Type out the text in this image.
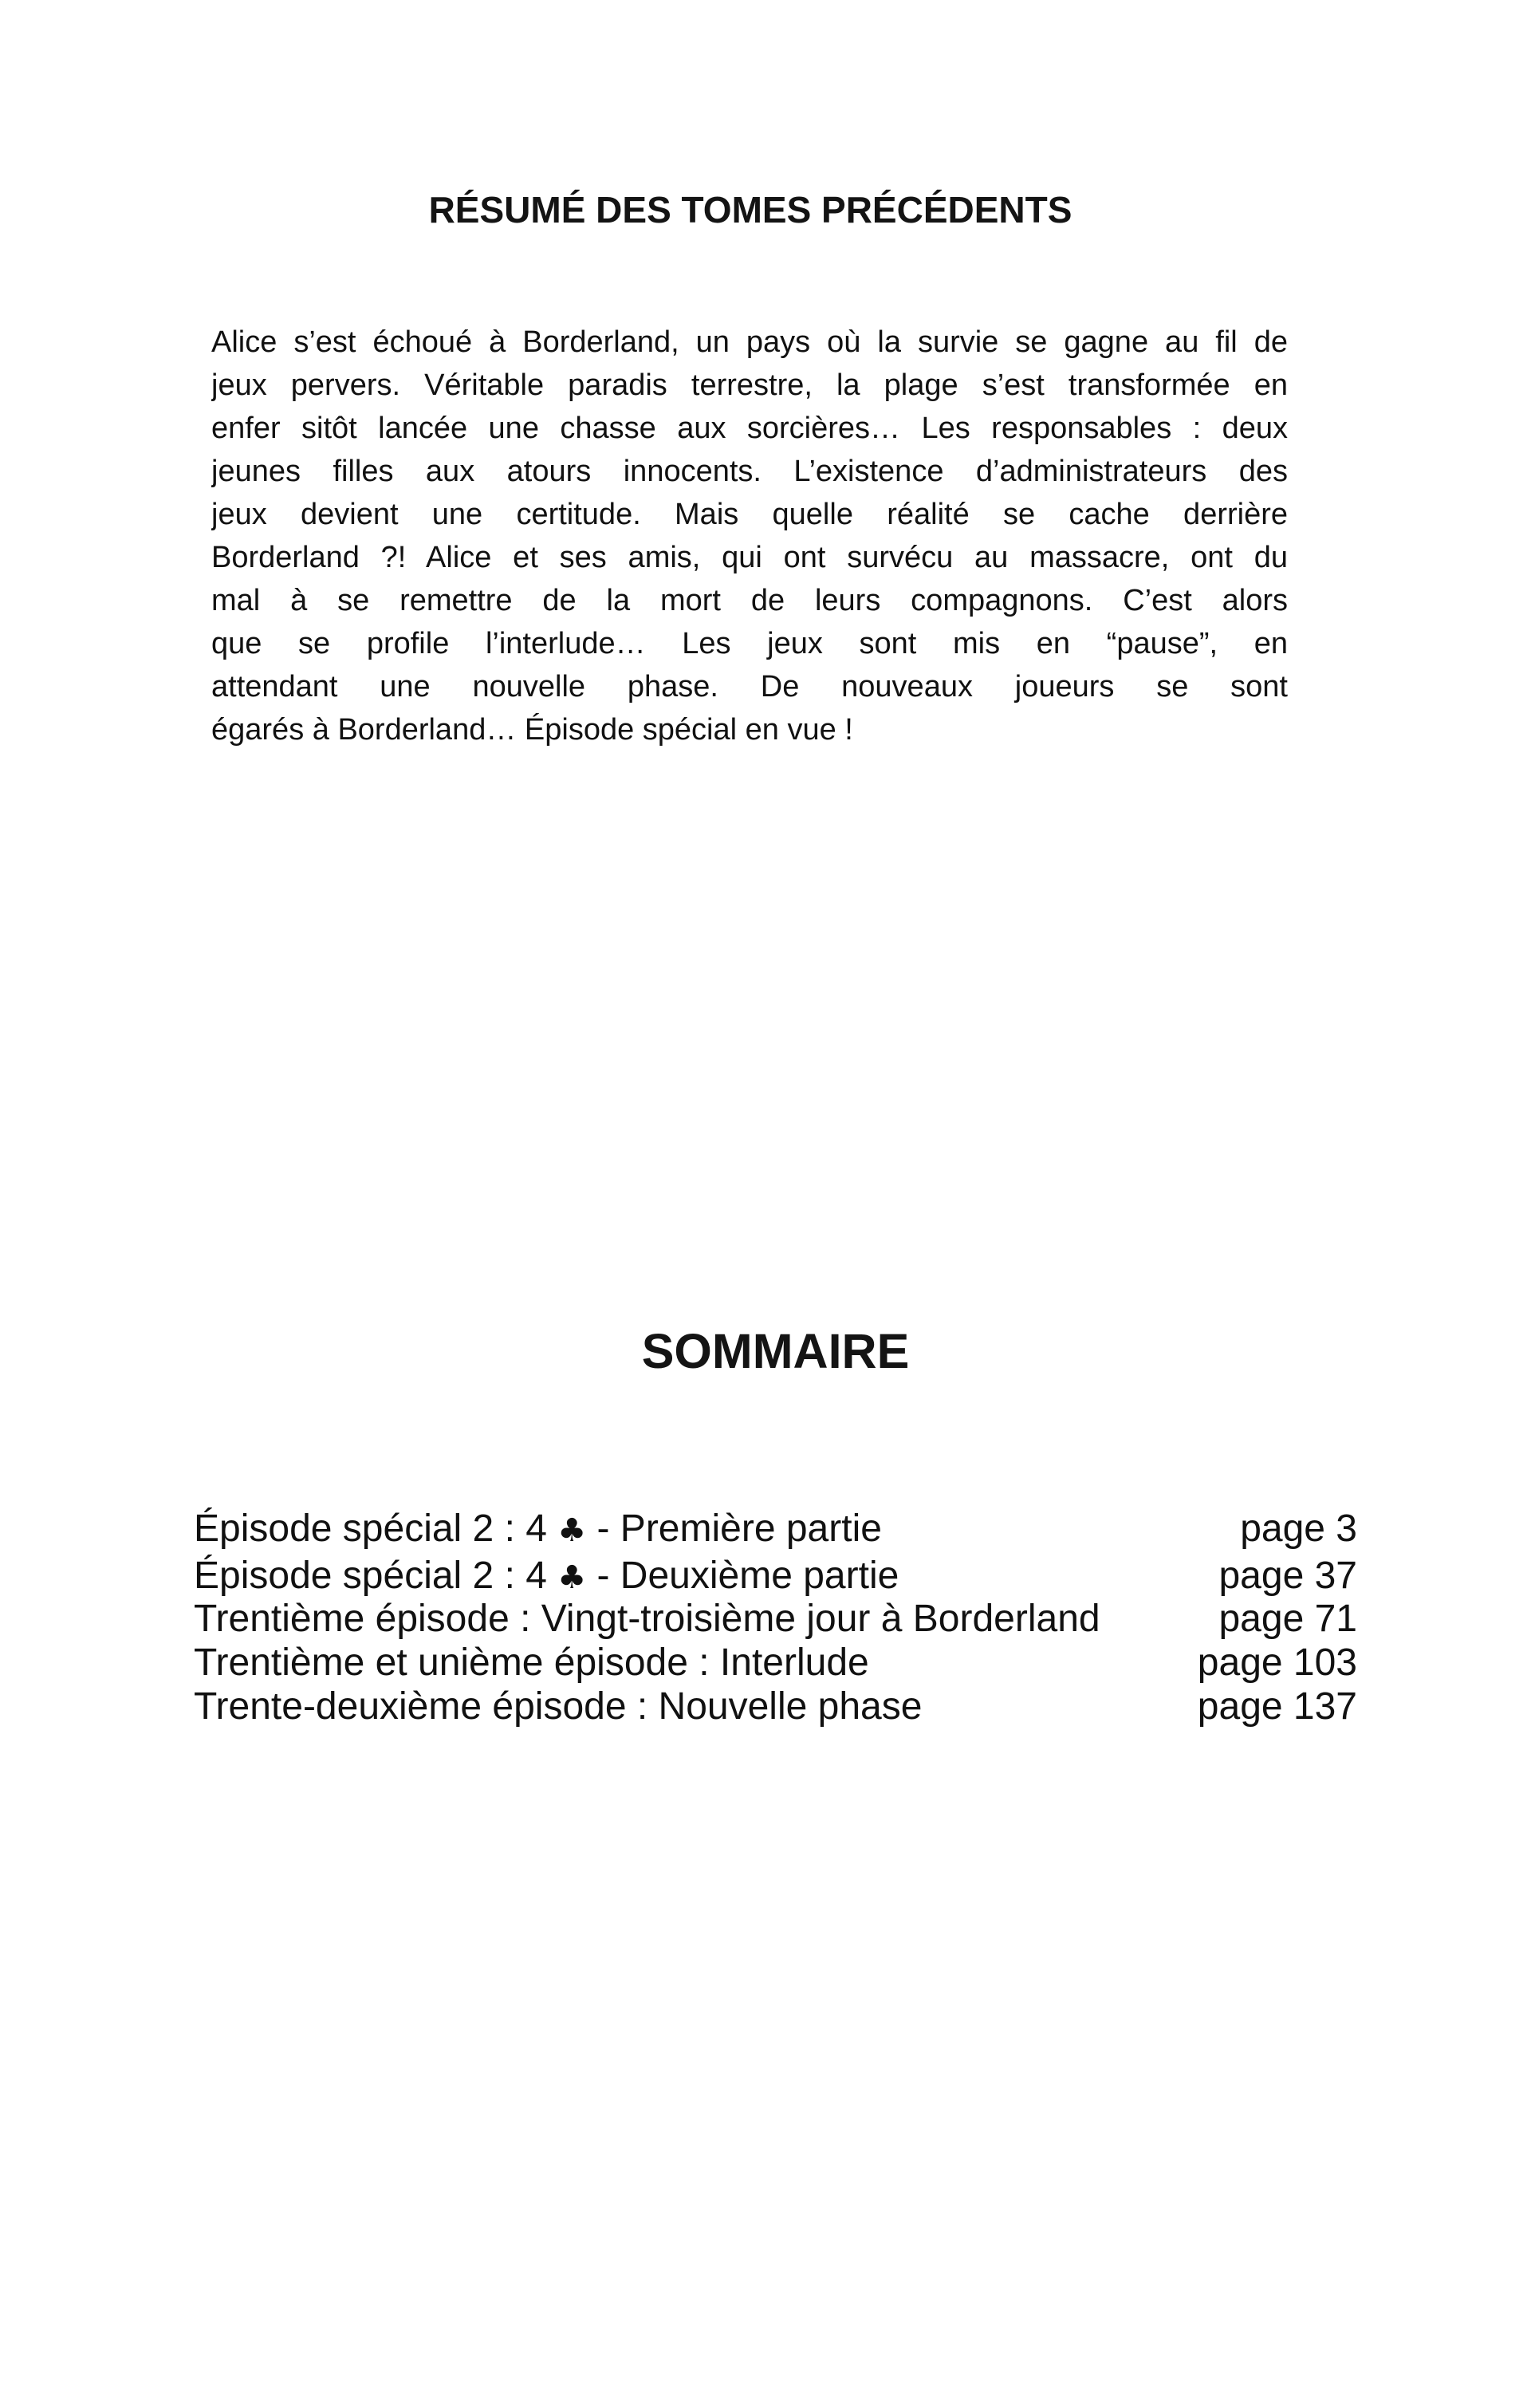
RÉSUMÉ DES TOMES PRÉCÉDENTS
Alice s’est échoué à Borderland, un pays où la survie se gagne au fil de
jeux pervers. Véritable paradis terrestre, la plage s’est transformée en
enfer sitôt lancée une chasse aux sorcières… Les responsables : deux
jeunes filles aux atours innocents. L’existence d’administrateurs des
jeux devient une certitude. Mais quelle réalité se cache derrière
Borderland ?! Alice et ses amis, qui ont survécu au massacre, ont du
mal à se remettre de la mort de leurs compagnons. C’est alors
que se profile l’interlude… Les jeux sont mis en “pause”, en
attendant une nouvelle phase. De nouveaux joueurs se sont
égarés à Borderland… Épisode spécial en vue !
SOMMAIRE
Épisode spécial 2 : 4 ♣ - Première partie	page 3
Épisode spécial 2 : 4 ♣ - Deuxième partie	page 37
Trentième épisode : Vingt-troisième jour à Borderland	page 71
Trentième et unième épisode : Interlude	page 103
Trente-deuxième épisode : Nouvelle phase	page 137
